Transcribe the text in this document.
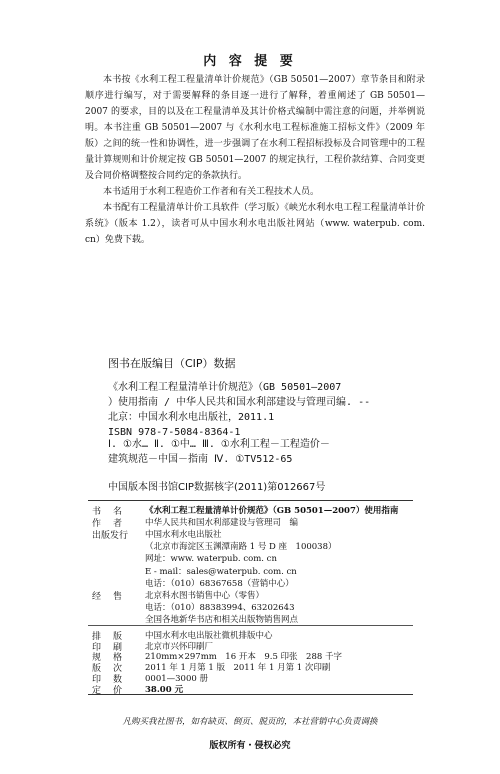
内 容 提 要
本书按《水利工程工程量清单计价规范》（GB 50501—2007）章节条目和附录顺序进行编写，对于需要解释的条目逐一进行了解释，着重阐述了 GB 50501—2007 的要求，目的以及在工程量清单及其计价格式编制中需注意的问题，并举例说明。本书注重 GB 50501—2007 与《水利水电工程标准施工招标文件》（2009 年版）之间的统一性和协调性，进一步强调了在水利工程招标投标及合同管理中的工程量计算规则和计价规定按 GB 50501—2007 的规定执行，工程价款结算、合同变更及合同价格调整按合同约定的条款执行。
本书适用于水利工程造价工作者和有关工程技术人员。
本书配有工程量清单计价工具软件（学习版）《峡光水利水电工程工程量清单计价系统》（版本 1.2），读者可从中国水利水电出版社网站（www. waterpub. com. cn）免费下载。
图书在版编目（CIP）数据
《水利工程工程量清单计价规范》（GB 50501—2007
）使用指南 / 中华人民共和国水利部建设与管理司编. --
北京：中国水利水电出版社，2011.1
ISBN 978-7-5084-8364-1
Ⅰ. ①水… Ⅱ. ①中… Ⅲ. ①水利工程－工程造价－
建筑规范－中国－指南 Ⅳ. ①TV512-65
中国版本图书馆CIP数据核字(2011)第012667号
书 名	《水利工程工程量清单计价规范》（GB 50501—2007）使用指南
作 者	中华人民共和国水利部建设与管理司　编
出版发行 中国水利水电出版社
（北京市海淀区玉渊潭南路 1 号 D 座　100038）
网址：www. waterpub. com. cn
E - mail：sales@waterpub. com. cn
电话：（010）68367658（营销中心）
经 售	北京科水图书销售中心（零售）
电话：（010）88383994、63202643
全国各地新华书店和相关出版物销售网点
排 版	中国水利水电出版社微机排版中心
印 刷	北京市兴怀印刷厂
规 格	210mm×297mm　16 开本　9.5 印张　288 千字
版 次	2011 年 1 月第 1 版　2011 年 1 月第 1 次印刷
印 数	0001—3000 册
定 价	38.00 元
凡购买我社图书，如有缺页、倒页、脱页的，本社营销中心负责调换
版权所有・侵权必究
